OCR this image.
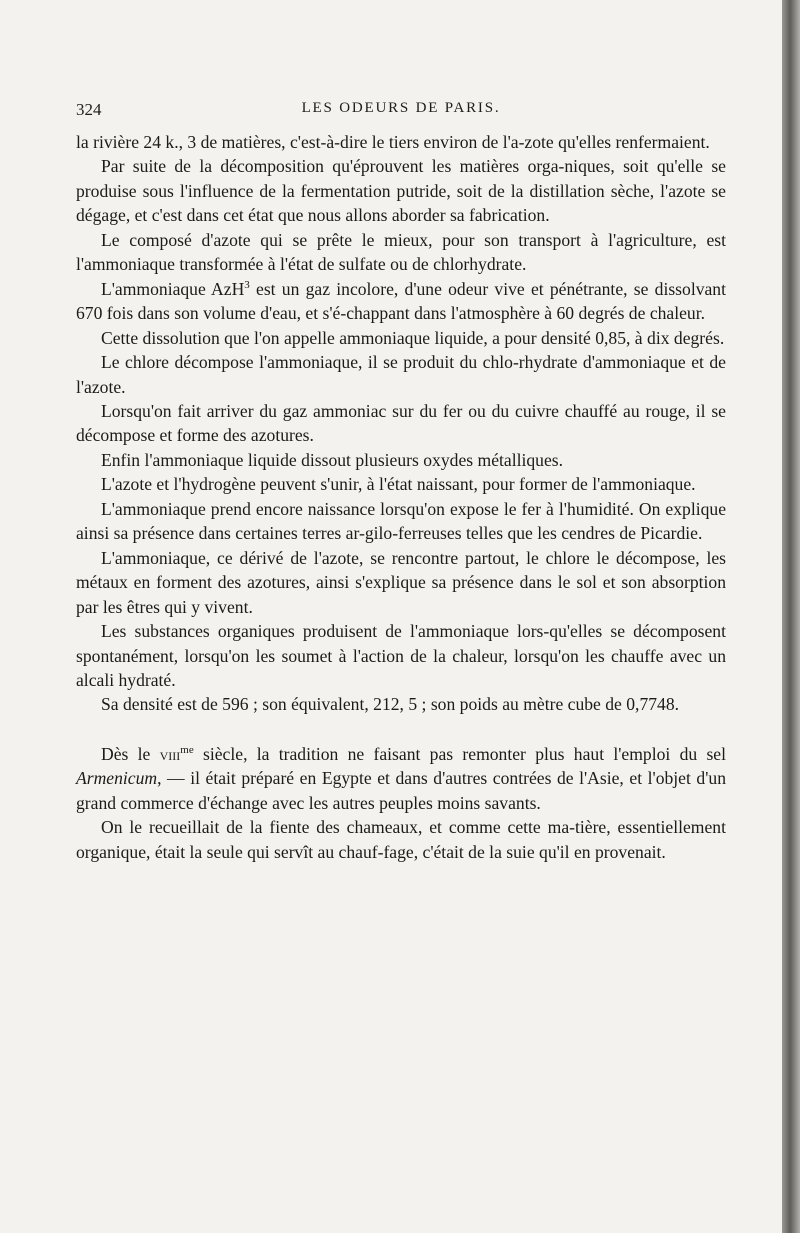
324	LES ODEURS DE PARIS.

la rivière 24 k., 3 de matières, c'est-à-dire le tiers environ de l'a-zote qu'elles renfermaient.

Par suite de la décomposition qu'éprouvent les matières orga-niques, soit qu'elle se produise sous l'influence de la fermentation putride, soit de la distillation sèche, l'azote se dégage, et c'est dans cet état que nous allons aborder sa fabrication.

Le composé d'azote qui se prête le mieux, pour son transport à l'agriculture, est l'ammoniaque transformée à l'état de sulfate ou de chlorhydrate.

L'ammoniaque AzH$^3$ est un gaz incolore, d'une odeur vive et pénétrante, se dissolvant 670 fois dans son volume d'eau, et s'é-chappant dans l'atmosphère à 60 degrés de chaleur.

Cette dissolution que l'on appelle ammoniaque liquide, a pour densité 0,85, à dix degrés.

Le chlore décompose l'ammoniaque, il se produit du chlo-rhydrate d'ammoniaque et de l'azote.

Lorsqu'on fait arriver du gaz ammoniac sur du fer ou du cuivre chauffé au rouge, il se décompose et forme des azotures.

Enfin l'ammoniaque liquide dissout plusieurs oxydes métalliques.

L'azote et l'hydrogène peuvent s'unir, à l'état naissant, pour former de l'ammoniaque.

L'ammoniaque prend encore naissance lorsqu'on expose le fer à l'humidité. On explique ainsi sa présence dans certaines terres ar-gilo-ferreuses telles que les cendres de Picardie.

L'ammoniaque, ce dérivé de l'azote, se rencontre partout, le chlore le décompose, les métaux en forment des azotures, ainsi s'explique sa présence dans le sol et son absorption par les êtres qui y vivent.

Les substances organiques produisent de l'ammoniaque lors-qu'elles se décomposent spontanément, lorsqu'on les soumet à l'action de la chaleur, lorsqu'on les chauffe avec un alcali hydraté.

Sa densité est de 596 ; son équivalent, 212, 5 ; son poids au mètre cube de 0,7748.

Dès le viii$^{me}$ siècle, la tradition ne faisant pas remonter plus haut l'emploi du sel Armenicum, — il était préparé en Egypte et dans d'autres contrées de l'Asie, et l'objet d'un grand commerce d'échange avec les autres peuples moins savants.

On le recueillait de la fiente des chameaux, et comme cette ma-tière, essentiellement organique, était la seule qui servît au chauf-fage, c'était de la suie qu'il en provenait.
